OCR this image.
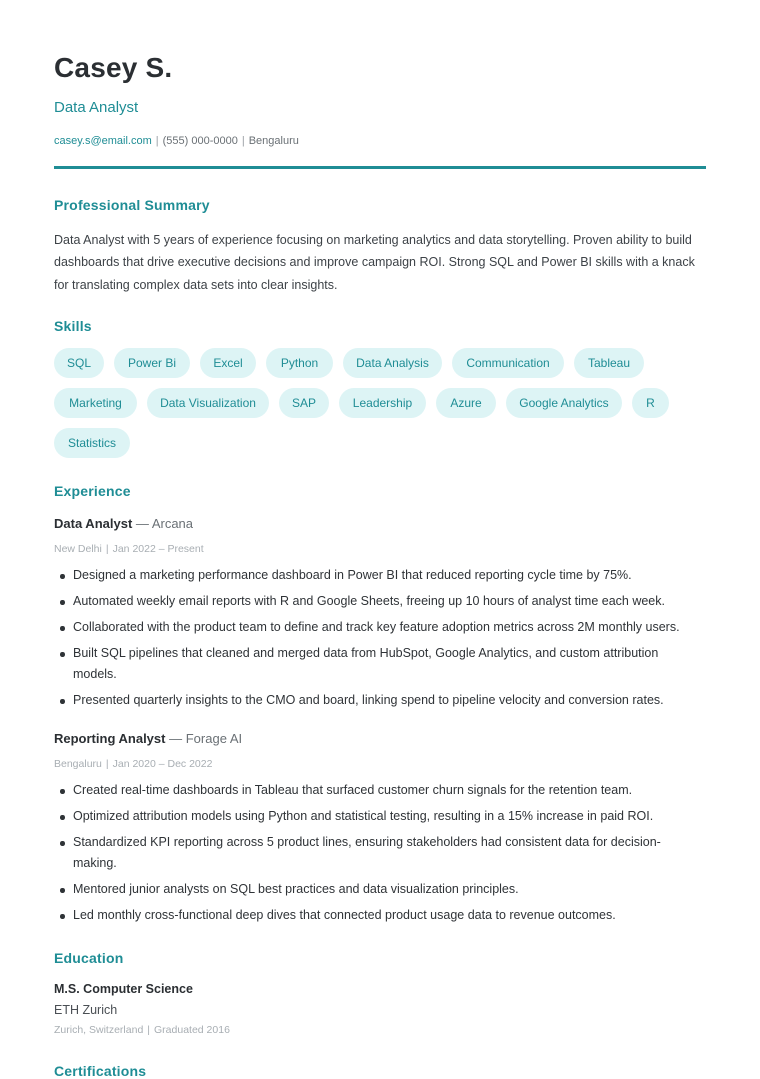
Casey S.
Data Analyst
casey.s@email.com | (555) 000-0000 | Bengaluru
Professional Summary
Data Analyst with 5 years of experience focusing on marketing analytics and data storytelling. Proven ability to build dashboards that drive executive decisions and improve campaign ROI. Strong SQL and Power BI skills with a knack for translating complex data sets into clear insights.
Skills
SQL	Power Bi	Excel	Python	Data Analysis	Communication	Tableau
Marketing	Data Visualization	SAP	Leadership	Azure	Google Analytics	R
Statistics
Experience
Data Analyst — Arcana
New Delhi | Jan 2022 – Present
Designed a marketing performance dashboard in Power BI that reduced reporting cycle time by 75%.
Automated weekly email reports with R and Google Sheets, freeing up 10 hours of analyst time each week.
Collaborated with the product team to define and track key feature adoption metrics across 2M monthly users.
Built SQL pipelines that cleaned and merged data from HubSpot, Google Analytics, and custom attribution models.
Presented quarterly insights to the CMO and board, linking spend to pipeline velocity and conversion rates.
Reporting Analyst — Forage AI
Bengaluru | Jan 2020 – Dec 2022
Created real-time dashboards in Tableau that surfaced customer churn signals for the retention team.
Optimized attribution models using Python and statistical testing, resulting in a 15% increase in paid ROI.
Standardized KPI reporting across 5 product lines, ensuring stakeholders had consistent data for decision-making.
Mentored junior analysts on SQL best practices and data visualization principles.
Led monthly cross-functional deep dives that connected product usage data to revenue outcomes.
Education
M.S. Computer Science
ETH Zurich
Zurich, Switzerland | Graduated 2016
Certifications
